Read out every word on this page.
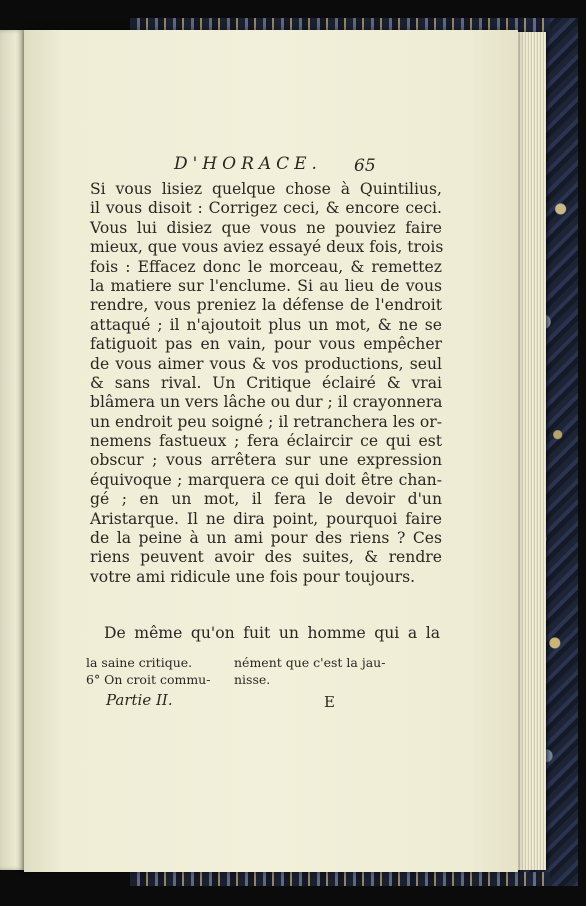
D'HORACE. 65
Si vous lisiez quelque chose à Quintilius,
il vous disoit : Corrigez ceci, & encore ceci.
Vous lui disiez que vous ne pouviez faire
mieux, que vous aviez essayé deux fois, trois
fois : Effacez donc le morceau, & remettez
la matiere sur l'enclume. Si au lieu de vous
rendre, vous preniez la défense de l'endroit
attaqué ; il n'ajoutoit plus un mot, & ne se
fatiguoit pas en vain, pour vous empêcher
de vous aimer vous & vos productions, seul
& sans rival. Un Critique éclairé & vrai
blâmera un vers lâche ou dur ; il crayonnera
un endroit peu soigné ; il retranchera les or-
nemens fastueux ; fera éclaircir ce qui est
obscur ; vous arrêtera sur une expression
équivoque ; marquera ce qui doit être chan-
gé ; en un mot, il fera le devoir d'un
Aristarque. Il ne dira point, pourquoi faire
de la peine à un ami pour des riens ? Ces
riens peuvent avoir des suites, & rendre
votre ami ridicule une fois pour toujours.
De même qu'on fuit un homme qui a la
la saine critique.
6° On croit commu-
nément que c'est la jau-
nisse.
Partie II.	E
